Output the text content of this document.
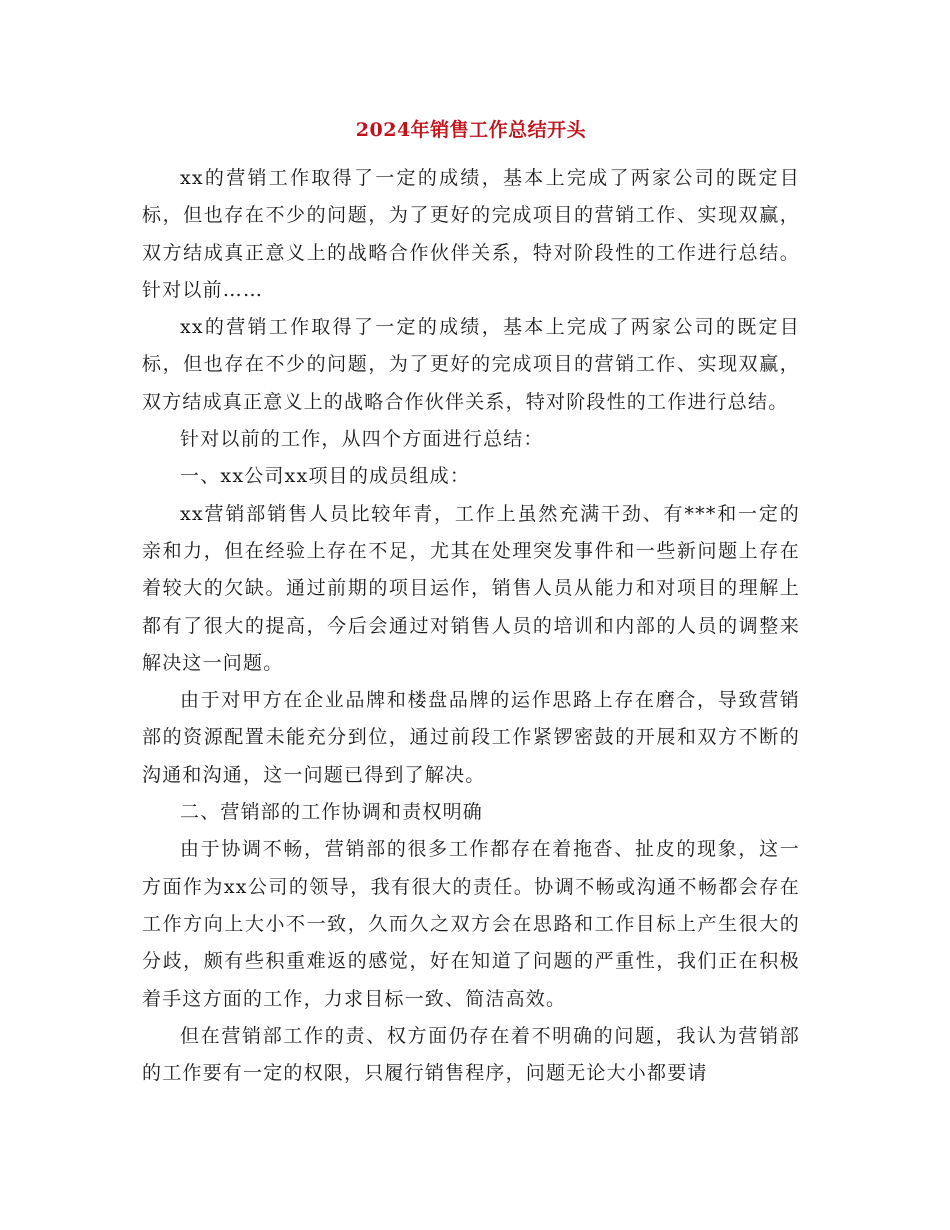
2024年销售工作总结开头

xx的营销工作取得了一定的成绩，基本上完成了两家公司的既定目标，但也存在不少的问题，为了更好的完成项目的营销工作、实现双赢，双方结成真正意义上的战略合作伙伴关系，特对阶段性的工作进行总结。 针对以前……

xx的营销工作取得了一定的成绩，基本上完成了两家公司的既定目标，但也存在不少的问题，为了更好的完成项目的营销工作、实现双赢，双方结成真正意义上的战略合作伙伴关系，特对阶段性的工作进行总结。

针对以前的工作，从四个方面进行总结：

一、xx公司xx项目的成员组成：

xx营销部销售人员比较年青，工作上虽然充满干劲、有***和一定的亲和力，但在经验上存在不足，尤其在处理突发事件和一些新问题上存在着较大的欠缺。通过前期的项目运作，销售人员从能力和对项目的理解上都有了很大的提高，今后会通过对销售人员的培训和内部的人员的调整来解决这一问题。

由于对甲方在企业品牌和楼盘品牌的运作思路上存在磨合，导致营销部的资源配置未能充分到位，通过前段工作紧锣密鼓的开展和双方不断的沟通和沟通，这一问题已得到了解决。

二、营销部的工作协调和责权明确

由于协调不畅，营销部的很多工作都存在着拖沓、扯皮的现象，这一方面作为xx公司的领导，我有很大的责任。协调不畅或沟通不畅都会存在工作方向上大小不一致，久而久之双方会在思路和工作目标上产生很大的分歧，颇有些积重难返的感觉，好在知道了问题的严重性，我们正在积极着手这方面的工作，力求目标一致、简洁高效。

但在营销部工作的责、权方面仍存在着不明确的问题，我认为营销部的工作要有一定的权限，只履行销售程序，问题无论大小都要请
